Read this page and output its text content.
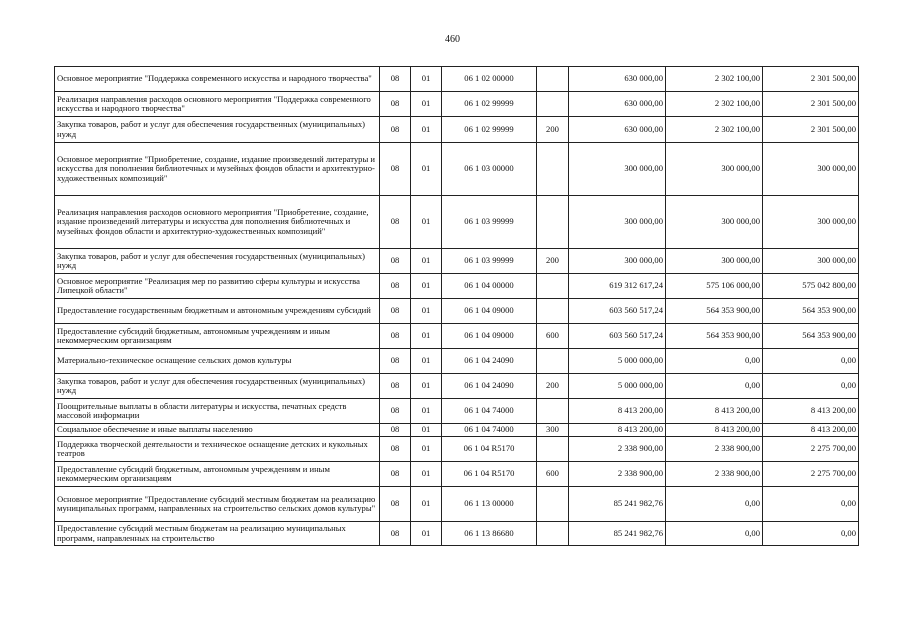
460
Основное мероприятие "Поддержка современного искусства и народного творчества"	08	01	06 1 02 00000		630 000,00	2 302 100,00	2 301 500,00
Реализация направления расходов основного мероприятия "Поддержка современного искусства и народного творчества"	08	01	06 1 02 99999		630 000,00	2 302 100,00	2 301 500,00
Закупка товаров, работ и услуг для обеспечения государственных (муниципальных) нужд	08	01	06 1 02 99999	200	630 000,00	2 302 100,00	2 301 500,00
Основное мероприятие "Приобретение, создание, издание произведений литературы и искусства для пополнения библиотечных и музейных фондов области и архитектурно-художественных композиций"	08	01	06 1 03 00000		300 000,00	300 000,00	300 000,00
Реализация направления расходов основного мероприятия "Приобретение, создание, издание произведений литературы и искусства для пополнения библиотечных и музейных фондов области и архитектурно-художественных композиций"	08	01	06 1 03 99999		300 000,00	300 000,00	300 000,00
Закупка товаров, работ и услуг для обеспечения государственных (муниципальных) нужд	08	01	06 1 03 99999	200	300 000,00	300 000,00	300 000,00
Основное мероприятие "Реализация мер по развитию сферы культуры и искусства Липецкой области"	08	01	06 1 04 00000		619 312 617,24	575 106 000,00	575 042 800,00
Предоставление государственным бюджетным и автономным учреждениям субсидий	08	01	06 1 04 09000		603 560 517,24	564 353 900,00	564 353 900,00
Предоставление субсидий бюджетным, автономным учреждениям и иным некоммерческим организациям	08	01	06 1 04 09000	600	603 560 517,24	564 353 900,00	564 353 900,00
Материально-техническое оснащение сельских домов культуры	08	01	06 1 04 24090		5 000 000,00	0,00	0,00
Закупка товаров, работ и услуг для обеспечения государственных (муниципальных) нужд	08	01	06 1 04 24090	200	5 000 000,00	0,00	0,00
Поощрительные выплаты в области литературы и искусства, печатных средств массовой информации	08	01	06 1 04 74000		8 413 200,00	8 413 200,00	8 413 200,00
Социальное обеспечение и иные выплаты населению	08	01	06 1 04 74000	300	8 413 200,00	8 413 200,00	8 413 200,00
Поддержка творческой деятельности и техническое оснащение детских и кукольных театров	08	01	06 1 04 R5170		2 338 900,00	2 338 900,00	2 275 700,00
Предоставление субсидий бюджетным, автономным учреждениям и иным некоммерческим организациям	08	01	06 1 04 R5170	600	2 338 900,00	2 338 900,00	2 275 700,00
Основное мероприятие "Предоставление субсидий местным бюджетам на реализацию муниципальных программ, направленных на строительство сельских домов культуры"	08	01	06 1 13 00000		85 241 982,76	0,00	0,00
Предоставление субсидий местным бюджетам на реализацию муниципальных программ, направленных на строительство	08	01	06 1 13 86680		85 241 982,76	0,00	0,00
